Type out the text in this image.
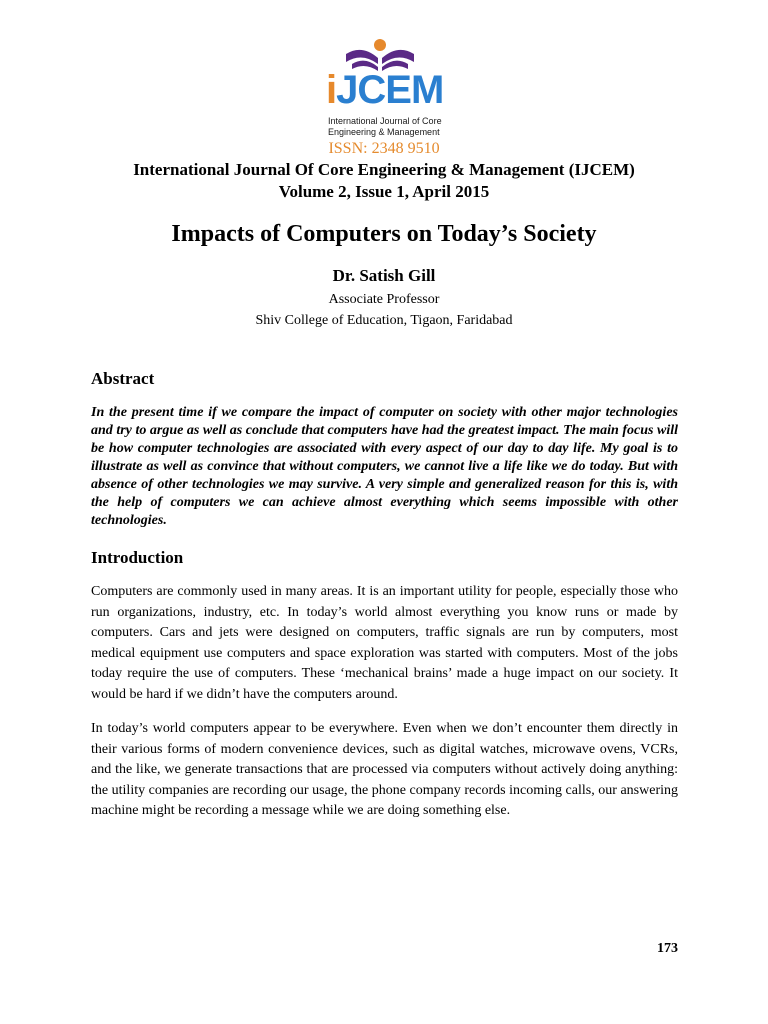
iJCEM
International Journal of Core
Engineering & Management
ISSN: 2348 9510
International Journal Of Core Engineering & Management (IJCEM)
Volume 2, Issue 1, April 2015
Impacts of Computers on Today’s Society
Dr. Satish Gill
Associate Professor
Shiv College of Education, Tigaon, Faridabad
Abstract
In the present time if we compare the impact of computer on society with other major technologies and try to argue as well as conclude that computers have had the greatest impact. The main focus will be how computer technologies are associated with every aspect of our day to day life. My goal is to illustrate as well as convince that without computers, we cannot live a life like we do today. But with absence of other technologies we may survive. A very simple and generalized reason for this is, with the help of computers we can achieve almost everything which seems impossible with other technologies.
Introduction
Computers are commonly used in many areas. It is an important utility for people, especially those who run organizations, industry, etc. In today’s world almost everything you know runs or made by computers. Cars and jets were designed on computers, traffic signals are run by computers, most medical equipment use computers and space exploration was started with computers. Most of the jobs today require the use of computers. These ‘mechanical brains’ made a huge impact on our society. It would be hard if we didn’t have the computers around.
In today’s world computers appear to be everywhere. Even when we don’t encounter them directly in their various forms of modern convenience devices, such as digital watches, microwave ovens, VCRs, and the like, we generate transactions that are processed via computers without actively doing anything: the utility companies are recording our usage, the phone company records incoming calls, our answering machine might be recording a message while we are doing something else.
173
